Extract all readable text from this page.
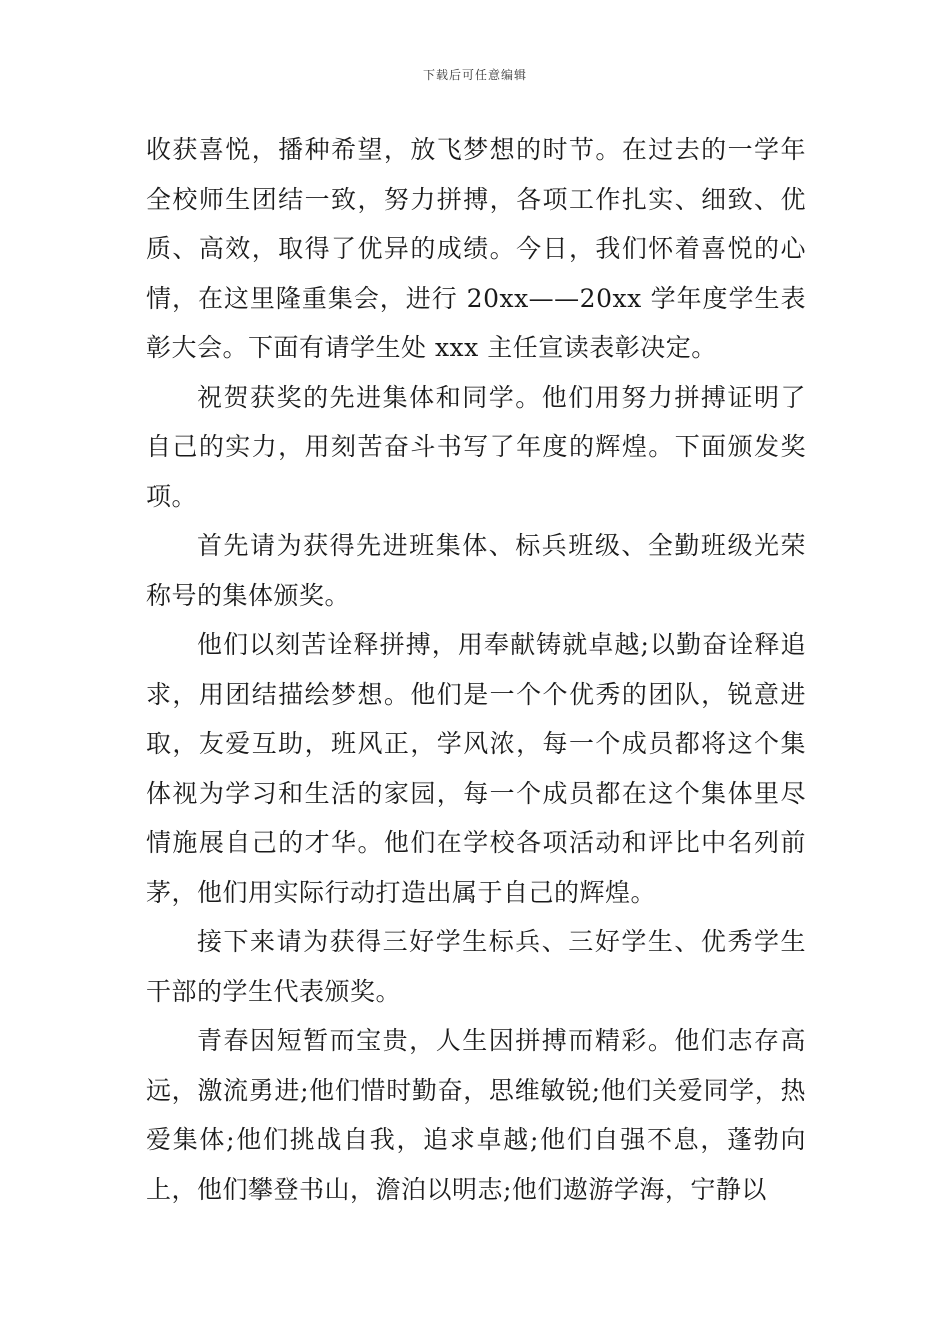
下载后可任意编辑

收获喜悦，播种希望，放飞梦想的时节。在过去的一学年全校师生团结一致，努力拼搏，各项工作扎实、细致、优质、高效，取得了优异的成绩。今日，我们怀着喜悦的心情，在这里隆重集会，进行 20xx——20xx 学年度学生表彰大会。下面有请学生处 xxx 主任宣读表彰决定。

祝贺获奖的先进集体和同学。他们用努力拼搏证明了自己的实力，用刻苦奋斗书写了年度的辉煌。下面颁发奖项。

首先请为获得先进班集体、标兵班级、全勤班级光荣称号的集体颁奖。

他们以刻苦诠释拼搏，用奉献铸就卓越;以勤奋诠释追求，用团结描绘梦想。他们是一个个优秀的团队，锐意进取，友爱互助，班风正，学风浓，每一个成员都将这个集体视为学习和生活的家园，每一个成员都在这个集体里尽情施展自己的才华。他们在学校各项活动和评比中名列前茅，他们用实际行动打造出属于自己的辉煌。

接下来请为获得三好学生标兵、三好学生、优秀学生干部的学生代表颁奖。

青春因短暂而宝贵，人生因拼搏而精彩。他们志存高远，激流勇进;他们惜时勤奋，思维敏锐;他们关爱同学，热爱集体;他们挑战自我，追求卓越;他们自强不息，蓬勃向上，他们攀登书山，澹泊以明志;他们遨游学海，宁静以
